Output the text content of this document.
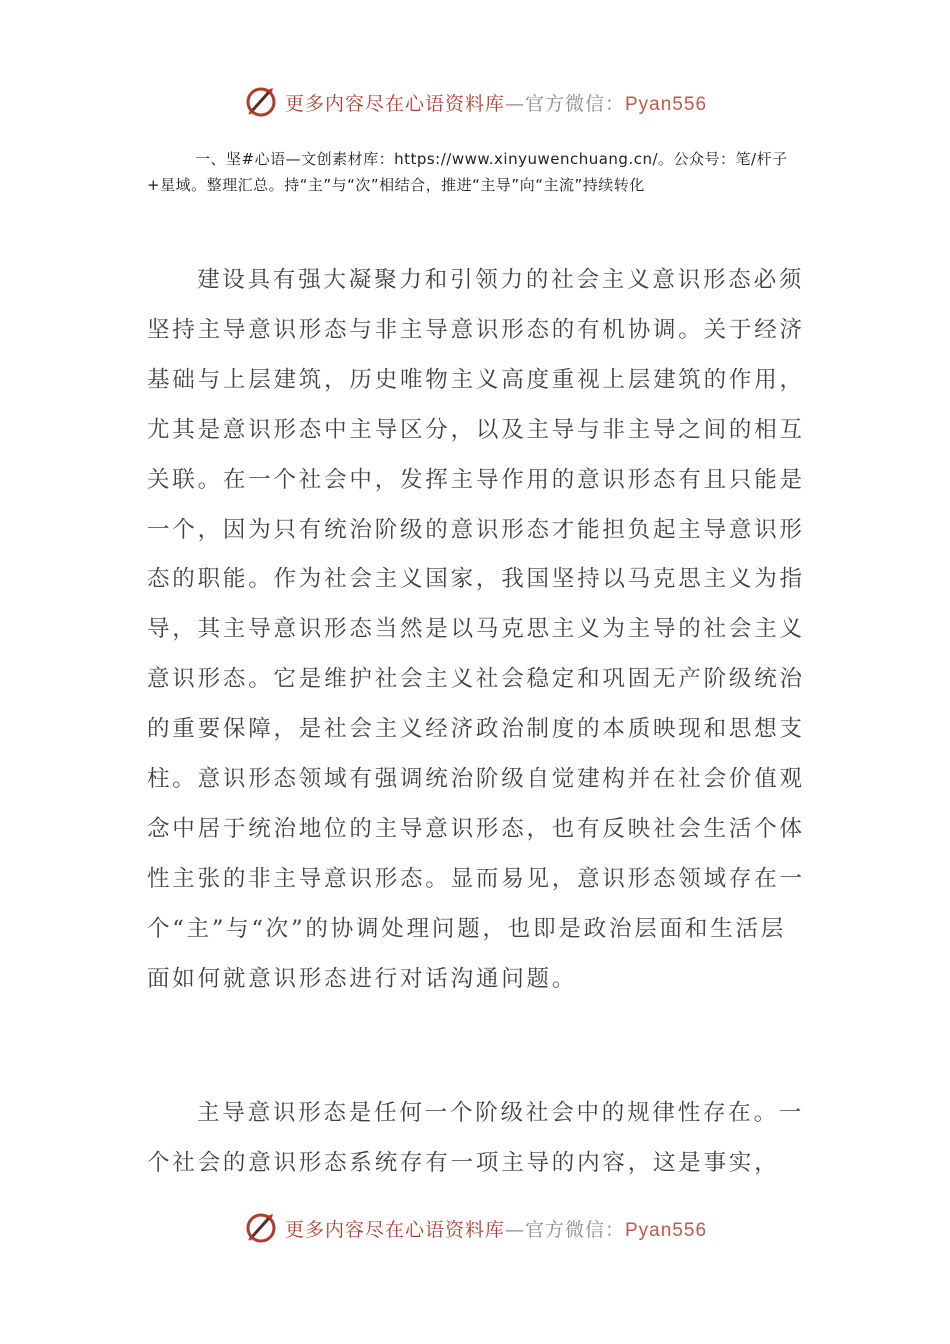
更多内容尽在心语资料库—官方微信：Pyan556
一、坚#心语—文创素材库：https://www.xinyuwenchuang.cn/。公众号：笔/杆子+星域。整理汇总。持“主”与“次”相结合，推进“主导”向“主流”持续转化

建设具有强大凝聚力和引领力的社会主义意识形态必须坚持主导意识形态与非主导意识形态的有机协调。关于经济基础与上层建筑，历史唯物主义高度重视上层建筑的作用，尤其是意识形态中主导区分，以及主导与非主导之间的相互关联。在一个社会中，发挥主导作用的意识形态有且只能是一个，因为只有统治阶级的意识形态才能担负起主导意识形态的职能。作为社会主义国家，我国坚持以马克思主义为指导，其主导意识形态当然是以马克思主义为主导的社会主义意识形态。它是维护社会主义社会稳定和巩固无产阶级统治的重要保障，是社会主义经济政治制度的本质映现和思想支柱。意识形态领域有强调统治阶级自觉建构并在社会价值观念中居于统治地位的主导意识形态，也有反映社会生活个体性主张的非主导意识形态。显而易见，意识形态领域存在一个“主”与“次”的协调处理问题，也即是政治层面和生活层面如何就意识形态进行对话沟通问题。

主导意识形态是任何一个阶级社会中的规律性存在。一个社会的意识形态系统存有一项主导的内容，这是事实，

更多内容尽在心语资料库—官方微信：Pyan556
